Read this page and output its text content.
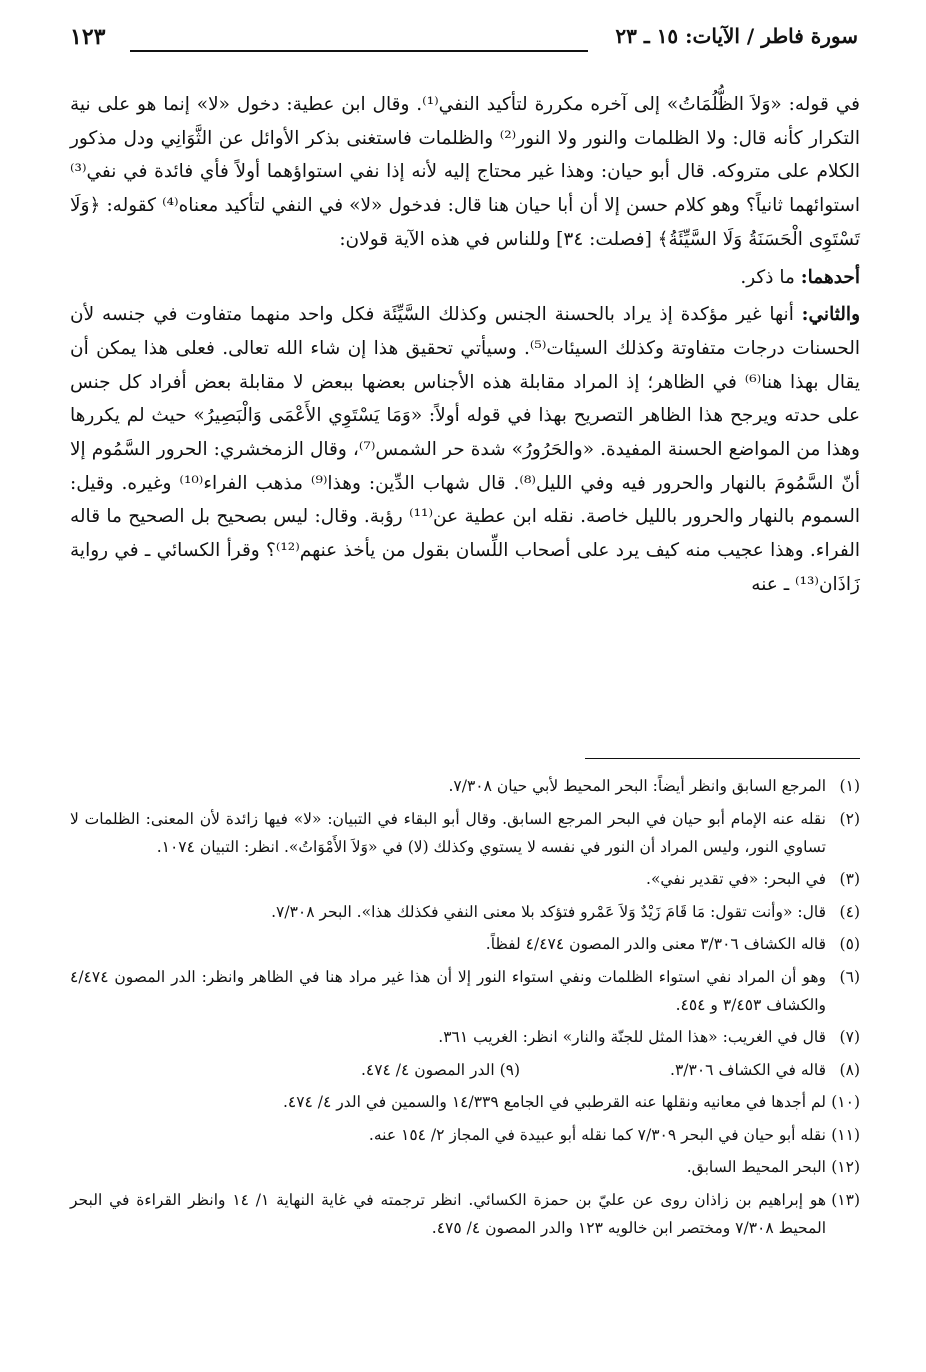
سورة فاطر / الآيات: ١٥ ـ ٢٣
١٢٣

في قوله: «وَلاَ الظُّلُمَاتُ» إلى آخره مكررة لتأكيد النفي⁽¹⁾. وقال ابن عطية: دخول «لا» إنما هو على نية التكرار كأنه قال: ولا الظلمات والنور ولا النور⁽²⁾ والظلمات فاستغنى بذكر الأوائل عن الثَّوَانِي ودل مذكور الكلام على متروكه. قال أبو حيان: وهذا غير محتاج إليه لأنه إذا نفي استواؤهما أولاً فأي فائدة في نفي⁽³⁾ استوائهما ثانياً؟ وهو كلام حسن إلا أن أبا حيان هنا قال: فدخول «لا» في النفي لتأكيد معناه⁽⁴⁾ كقوله: ﴿وَلَا تَسْتَوِى الْحَسَنَةُ وَلَا السَّيِّئَةُ﴾ [فصلت: ٣٤] وللناس في هذه الآية قولان:

أحدهما: ما ذكر.

والثاني: أنها غير مؤكدة إذ يراد بالحسنة الجنس وكذلك السَّيِّئَة فكل واحد منهما متفاوت في جنسه لأن الحسنات درجات متفاوتة وكذلك السيئات⁽⁵⁾. وسيأتي تحقيق هذا إن شاء الله تعالى. فعلى هذا يمكن أن يقال بهذا هنا⁽⁶⁾ في الظاهر؛ إذ المراد مقابلة هذه الأجناس بعضها ببعض لا مقابلة بعض أفراد كل جنس على حدته ويرجح هذا الظاهر التصريح بهذا في قوله أولاً: «وَمَا يَسْتَوِي الأَعْمَى وَالْبَصِيرُ» حيث لم يكررها وهذا من المواضع الحسنة المفيدة. «والحَرُورُ» شدة حر الشمس⁽⁷⁾، وقال الزمخشري: الحرور السَّمُوم إلا أنّ السَّمُومَ بالنهار والحرور فيه وفي الليل⁽⁸⁾. قال شهاب الدِّين: وهذا⁽⁹⁾ مذهب الفراء⁽¹⁰⁾ وغيره. وقيل: السموم بالنهار والحرور بالليل خاصة. نقله ابن عطية عن⁽¹¹⁾ رؤبة. وقال: ليس بصحيح بل الصحيح ما قاله الفراء. وهذا عجيب منه كيف يرد على أصحاب اللِّسان بقول من يأخذ عنهم⁽¹²⁾؟ وقرأ الكسائي ـ في رواية زَاذَان⁽¹³⁾ ـ عنه

(١)
المرجع السابق وانظر أيضاً: البحر المحيط لأبي حيان ٧/٣٠٨.
(٢)
نقله عنه الإمام أبو حيان في البحر المرجع السابق. وقال أبو البقاء في التبيان: «لا» فيها زائدة لأن المعنى: الظلمات لا تساوي النور، وليس المراد أن النور في نفسه لا يستوي وكذلك (لا) في «وَلاَ الأَمْوَاتُ». انظر: التبيان ١٠٧٤.
(٣)
في البحر: «في تقدير نفي».
(٤)
قال: «وأنت تقول: مَا قَامَ زَيْدٌ وَلاَ عَمْرو فتؤكد بلا معنى النفي فكذلك هذا». البحر ٧/٣٠٨.
(٥)
قاله الكشاف ٣/٣٠٦ معنى والدر المصون ٤/٤٧٤ لفظاً.
(٦)
وهو أن المراد نفي استواء الظلمات ونفي استواء النور إلا أن هذا غير مراد هنا في الظاهر وانظر: الدر المصون ٤/٤٧٤ والكشاف ٣/٤٥٣ و ٤٥٤.
(٧)
قال في الغريب: «هذا المثل للجنّة والنار» انظر: الغريب ٣٦١.
(٨)
قاله في الكشاف ٣/٣٠٦.(٩) الدر المصون ٤/ ٤٧٤.
(١٠)
لم أجدها في معانيه ونقلها عنه القرطبي في الجامع ١٤/٣٣٩ والسمين في الدر ٤/ ٤٧٤.
(١١)
نقله أبو حيان في البحر ٧/٣٠٩ كما نقله أبو عبيدة في المجاز ٢/ ١٥٤ عنه.
(١٢)
البحر المحيط السابق.
(١٣)
هو إبراهيم بن زاذان روى عن عليّ بن حمزة الكسائي. انظر ترجمته في غاية النهاية ١/ ١٤ وانظر القراءة في البحر المحيط ٧/٣٠٨ ومختصر ابن خالويه ١٢٣ والدر المصون ٤/ ٤٧٥.
